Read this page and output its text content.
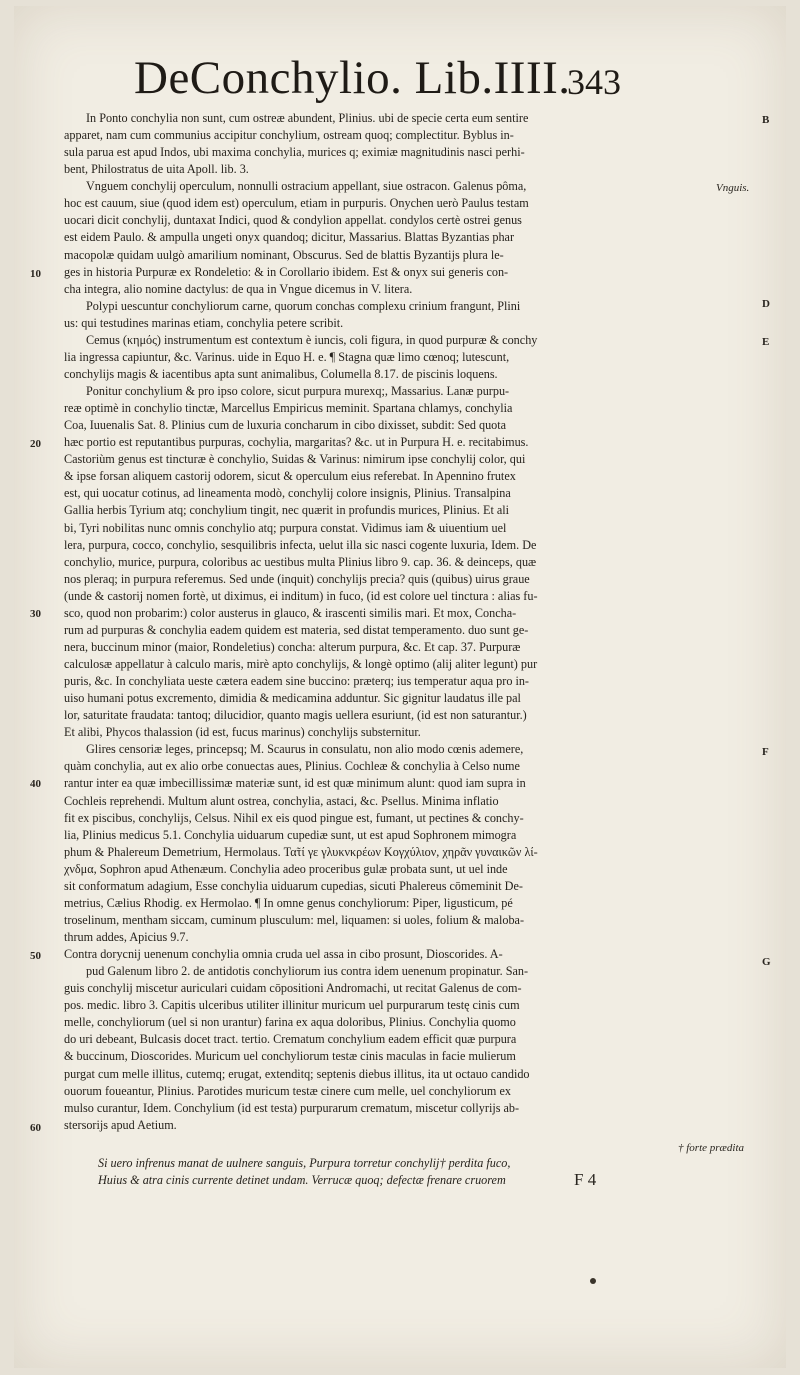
DeConchylio. Lib.IIII.
343
B
10
D
E
20
30
F
40
50	G
60
Vnguis.
† forte prædita
In Ponto conchylia non sunt, cum ostreæ abundent, Plinius. ubi de specie certa eum sentire
apparet, nam cum communius accipitur conchylium, ostream quoq; complectitur. Byblus in-
sula parua est apud Indos, ubi maxima conchylia, murices q; eximiæ magnitudinis nasci perhi-
bent, Philostratus de uita Apoll. lib. 3.
Vnguem conchylij operculum, nonnulli ostracium appellant, siue ostracon. Galenus pôma,
hoc est cauum, siue (quod idem est) operculum, etiam in purpuris. Onychen uerò Paulus testam
uocari dicit conchylij, duntaxat Indici, quod & condylion appellat. condylos certè ostrei genus
est eidem Paulo. & ampulla ungeti onyx quandoq; dicitur, Massarius. Blattas Byzantias phar
macopolæ quidam uulgò amarilium nominant, Obscurus. Sed de blattis Byzantijs plura le-
ges in historia Purpuræ ex Rondeletio: & in Corollario ibidem. Est & onyx sui generis con-
cha integra, alio nomine dactylus: de qua in Vngue dicemus in V. litera.
Polypi uescuntur conchyliorum carne, quorum conchas complexu crinium frangunt, Plini
us: qui testudines marinas etiam, conchylia petere scribit.
Cemus (κημός) instrumentum est contextum è iuncis, coli figura, in quod purpuræ & conchy
lia ingressa capiuntur, &c. Varinus. uide in Equo H. e. ¶ Stagna quæ limo cœnoq; lutescunt,
conchylijs magis & iacentibus apta sunt animalibus, Columella 8.17. de piscinis loquens.
Ponitur conchylium & pro ipso colore, sicut purpura murexq;, Massarius. Lanæ purpu-
reæ optimè in conchylio tinctæ, Marcellus Empiricus meminit. Spartana chlamys, conchylia
Coa, Iuuenalis Sat. 8. Plinius cum de luxuria concharum in cibo dixisset, subdit: Sed quota
hæc portio est reputantibus purpuras, cochylia, margaritas? &c. ut in Purpura H. e. recitabimus.
Castoriùm genus est tincturæ è conchylio, Suidas & Varinus: nimirum ipse conchylij color, qui
& ipse forsan aliquem castorij odorem, sicut & operculum eius referebat. In Apennino frutex
est, qui uocatur cotinus, ad lineamenta modò, conchylij colore insignis, Plinius. Transalpina
Gallia herbis Tyrium atq; conchylium tingit, nec quærit in profundis murices, Plinius. Et ali
bi, Tyri nobilitas nunc omnis conchylio atq; purpura constat. Vidimus iam & uiuentium uel
lera, purpura, cocco, conchylio, sesquilibris infecta, uelut illa sic nasci cogente luxuria, Idem. De
conchylio, murice, purpura, coloribus ac uestibus multa Plinius libro 9. cap. 36. & deinceps, quæ
nos pleraq; in purpura referemus. Sed unde (inquit) conchylijs precia? quis (quibus) uirus graue
(unde & castorij nomen fortè, ut diximus, ei inditum) in fuco, (id est colore uel tinctura : alias fu-
sco, quod non probarim:) color austerus in glauco, & irascenti similis mari. Et mox, Concha-
rum ad purpuras & conchylia eadem quidem est materia, sed distat temperamento. duo sunt ge-
nera, buccinum minor (maior, Rondeletius) concha: alterum purpura, &c. Et cap. 37. Purpuræ
calculosæ appellatur à calculo maris, mirè apto conchylijs, & longè optimo (alij aliter legunt) pur
puris, &c. In conchyliata ueste cætera eadem sine buccino: præterq; ius temperatur aqua pro in-
uiso humani potus excremento, dimidia & medicamina adduntur. Sic gignitur laudatus ille pal
lor, saturitate fraudata: tantoq; dilucidior, quanto magis uellera esuriunt, (id est non saturantur.)
Et alibi, Phycos thalassion (id est, fucus marinus) conchylijs substernitur.
Glires censoriæ leges, princepsq; M. Scaurus in consulatu, non alio modo cœnis ademere,
quàm conchylia, aut ex alio orbe conuectas aues, Plinius. Cochleæ & conchylia à Celso nume
rantur inter ea quæ imbecillissimæ materiæ sunt, id est quæ minimum alunt: quod iam supra in
Cochleis reprehendi. Multum alunt ostrea, conchylia, astaci, &c. Psellus. Minima inflatio
fit ex piscibus, conchylijs, Celsus. Nihil ex eis quod pingue est, fumant, ut pectines & conchy-
lia, Plinius medicus 5.1. Conchylia uiduarum cupediæ sunt, ut est apud Sophronem mimogra
phum & Phalereum Demetrium, Hermolaus. Τα̃τί γε γλυκνκρέων Κογχύλιον, χηρᾶν γυναικῶν λί-
χνδμα, Sophron apud Athenæum. Conchylia adeo proceribus gulæ probata sunt, ut uel inde
sit conformatum adagium, Esse conchylia uiduarum cupedias, sicuti Phalereus cōmeminit De-
metrius, Cælius Rhodig. ex Hermolao. ¶ In omne genus conchyliorum: Piper, ligusticum, pé
troselinum, mentham siccam, cuminum plusculum: mel, liquamen: si uoles, folium & maloba-
thrum addes, Apicius 9.7.
Contra dorycnij uenenum conchylia omnia cruda uel assa in cibo prosunt, Dioscorides. A-
pud Galenum libro 2. de antidotis conchyliorum ius contra idem uenenum propinatur. San-
guis conchylij miscetur auriculari cuidam cōpositioni Andromachi, ut recitat Galenus de com-
pos. medic. libro 3. Capitis ulceribus utiliter illinitur muricum uel purpurarum testę cinis cum
melle, conchyliorum (uel si non urantur) farina ex aqua doloribus, Plinius. Conchylia quomo
do uri debeant, Bulcasis docet tract. tertio. Crematum conchylium eadem efficit quæ purpura
& buccinum, Dioscorides. Muricum uel conchyliorum testæ cinis maculas in facie mulierum
purgat cum melle illitus, cutemq; erugat, extenditq; septenis diebus illitus, ita ut octauo candido
ouorum foueantur, Plinius. Parotides muricum testæ cinere cum melle, uel conchyliorum ex
mulso curantur, Idem. Conchylium (id est testa) purpurarum crematum, miscetur collyrijs ab-
stersorijs apud Aetium.
Si uero infrenus manat de uulnere sanguis, Purpura torretur conchylij† perdita fuco,
Huius & atra cinis currente detinet undam. Verrucæ quoq; defectæ frenare cruorem	F 4
